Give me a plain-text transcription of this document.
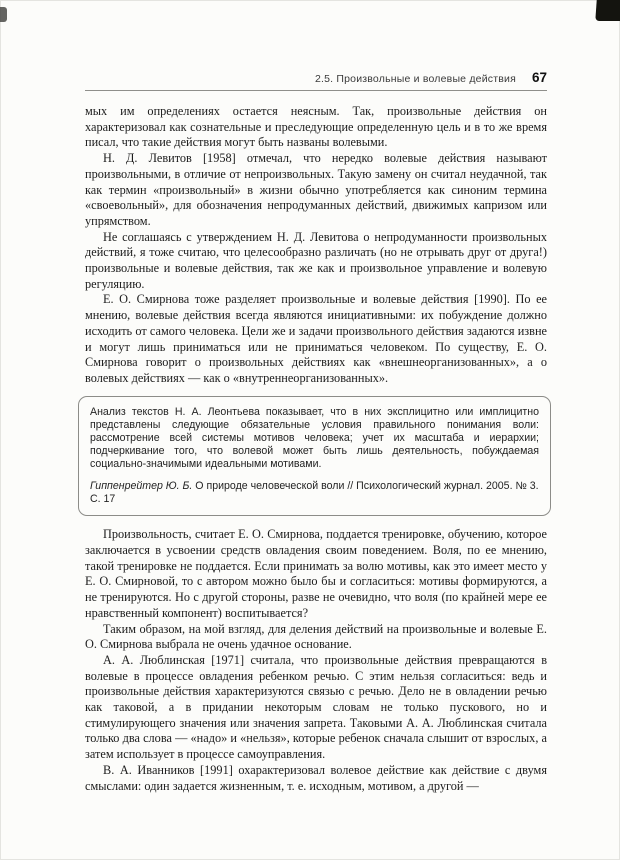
2.5. Произвольные и волевые действия 67

мых им определениях остается неясным. Так, произвольные действия он характеризовал как сознательные и преследующие определенную цель и в то же время писал, что такие действия могут быть названы волевыми.

Н. Д. Левитов [1958] отмечал, что нередко волевые действия называют произвольными, в отличие от непроизвольных. Такую замену он считал неудачной, так как термин «произвольный» в жизни обычно употребляется как синоним термина «своевольный», для обозначения непродуманных действий, движимых капризом или упрямством.

Не соглашаясь с утверждением Н. Д. Левитова о непродуманности произвольных действий, я тоже считаю, что целесообразно различать (но не отрывать друг от друга!) произвольные и волевые действия, так же как и произвольное управление и волевую регуляцию.

Е. О. Смирнова тоже разделяет произвольные и волевые действия [1990]. По ее мнению, волевые действия всегда являются инициативными: их побуждение должно исходить от самого человека. Цели же и задачи произвольного действия задаются извне и могут лишь приниматься или не приниматься человеком. По существу, Е. О. Смирнова говорит о произвольных действиях как «внешнеорганизованных», а о волевых действиях — как о «внутреннеорганизованных».

Анализ текстов Н. А. Леонтьева показывает, что в них эксплицитно или имплицитно представлены следующие обязательные условия правильного понимания воли: рассмотрение всей системы мотивов человека; учет их масштаба и иерархии; подчеркивание того, что волевой может быть лишь деятельность, побуждаемая социально-значимыми идеальными мотивами.

Гиппенрейтер Ю. Б. О природе человеческой воли // Психологический журнал. 2005. № 3. С. 17

Произвольность, считает Е. О. Смирнова, поддается тренировке, обучению, которое заключается в усвоении средств овладения своим поведением. Воля, по ее мнению, такой тренировке не поддается. Если принимать за волю мотивы, как это имеет место у Е. О. Смирновой, то с автором можно было бы и согласиться: мотивы формируются, а не тренируются. Но с другой стороны, разве не очевидно, что воля (по крайней мере ее нравственный компонент) воспитывается?

Таким образом, на мой взгляд, для деления действий на произвольные и волевые Е. О. Смирнова выбрала не очень удачное основание.

А. А. Люблинская [1971] считала, что произвольные действия превращаются в волевые в процессе овладения ребенком речью. С этим нельзя согласиться: ведь и произвольные действия характеризуются связью с речью. Дело не в овладении речью как таковой, а в придании некоторым словам не только пускового, но и стимулирующего значения или значения запрета. Таковыми А. А. Люблинская считала только два слова — «надо» и «нельзя», которые ребенок сначала слышит от взрослых, а затем использует в процессе самоуправления.

В. А. Иванников [1991] охарактеризовал волевое действие как действие с двумя смыслами: один задается жизненным, т. е. исходным, мотивом, а другой —
